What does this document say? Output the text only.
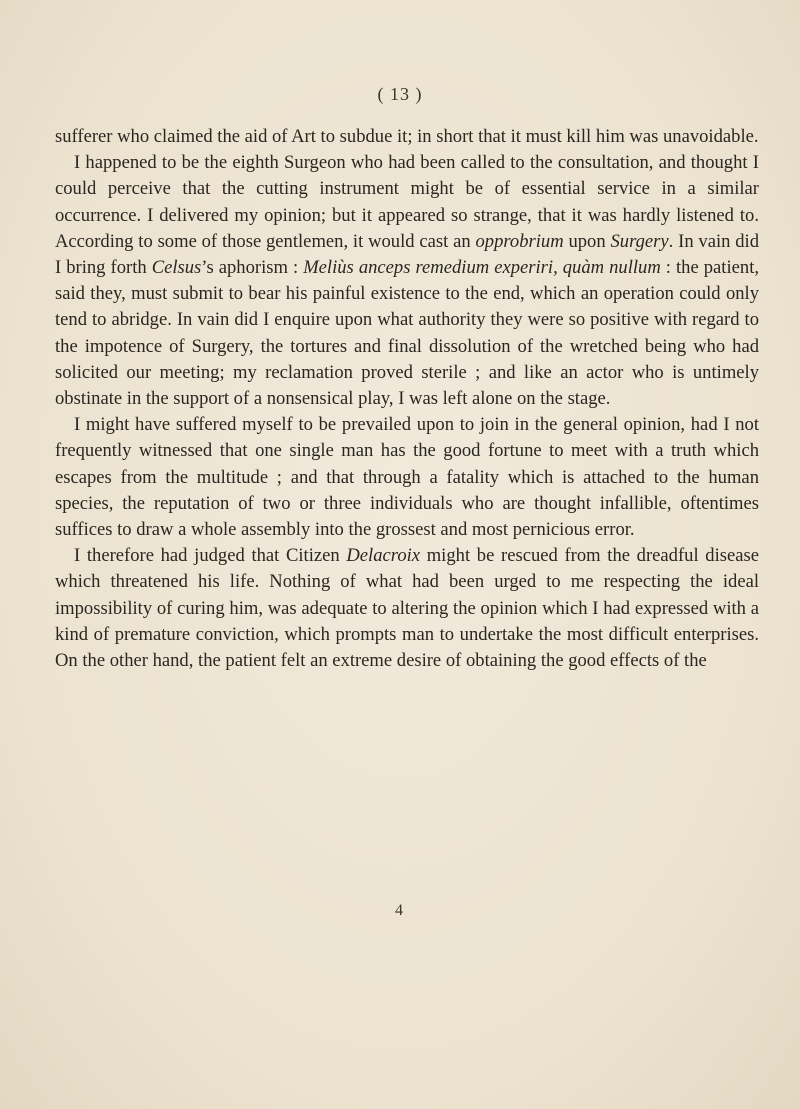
( 13 )

sufferer who claimed the aid of Art to subdue it; in short that it must kill him was unavoidable.

I happened to be the eighth Surgeon who had been called to the consultation, and thought I could perceive that the cutting instrument might be of essential service in a similar occurrence. I delivered my opinion; but it appeared so strange, that it was hardly listened to. According to some of those gentlemen, it would cast an opprobrium upon Surgery. In vain did I bring forth Celsus’s aphorism : Meliùs anceps remedium experiri, quàm nullum : the patient, said they, must submit to bear his painful existence to the end, which an operation could only tend to abridge. In vain did I enquire upon what authority they were so positive with regard to the impotence of Surgery, the tortures and final dissolution of the wretched being who had solicited our meeting; my reclamation proved sterile ; and like an actor who is untimely obstinate in the support of a nonsensical play, I was left alone on the stage.

I might have suffered myself to be prevailed upon to join in the general opinion, had I not frequently witnessed that one single man has the good fortune to meet with a truth which escapes from the multitude ; and that through a fatality which is attached to the human species, the reputation of two or three individuals who are thought infallible, oftentimes suffices to draw a whole assembly into the grossest and most pernicious error.

I therefore had judged that Citizen Delacroix might be rescued from the dreadful disease which threatened his life. Nothing of what had been urged to me respecting the ideal impossibility of curing him, was adequate to altering the opinion which I had expressed with a kind of premature conviction, which prompts man to undertake the most difficult enterprises. On the other hand, the patient felt an extreme desire of obtaining the good effects of the

4
